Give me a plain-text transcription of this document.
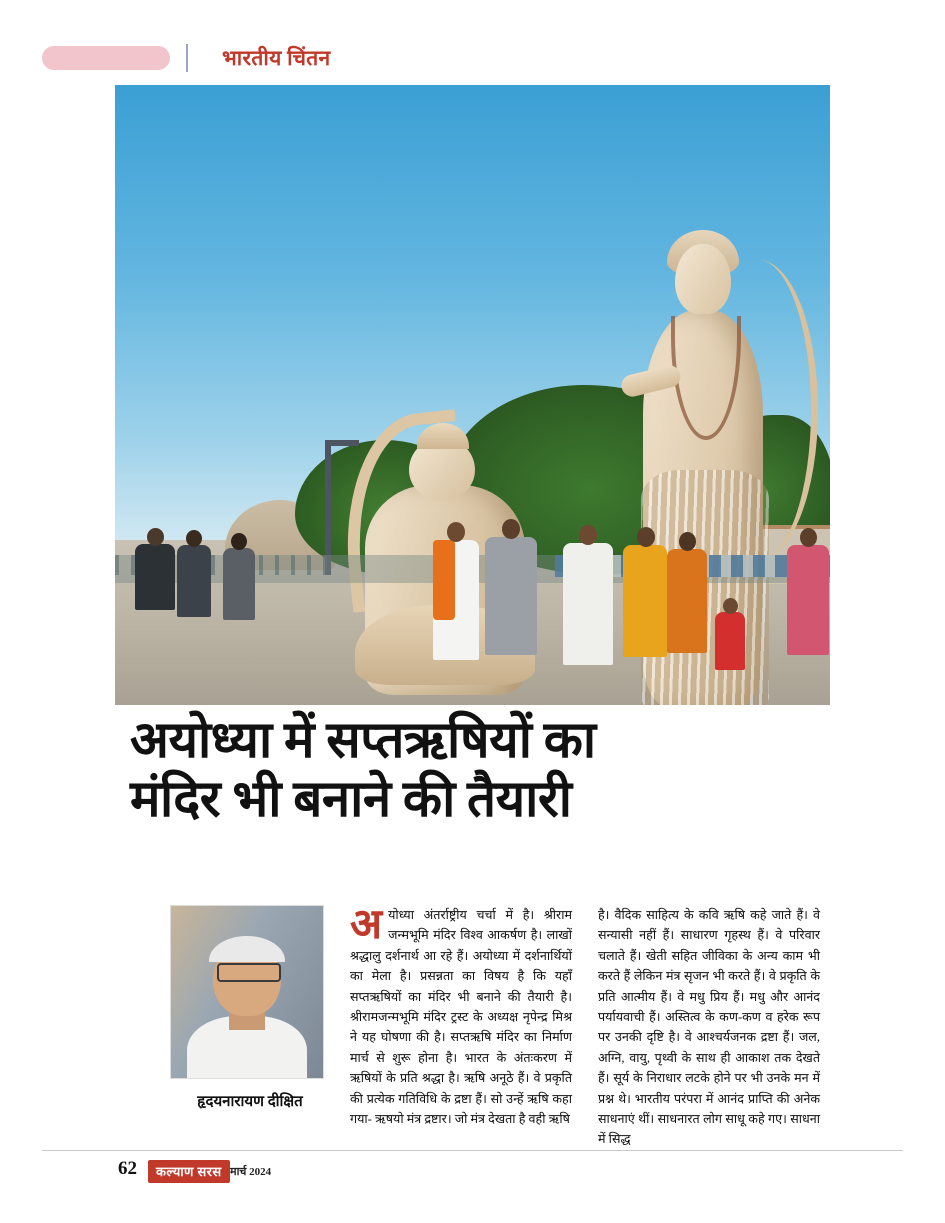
भारतीय चिंतन
अयोध्या में सप्तऋषियों का
मंदिर भी बनाने की तैयारी
हृदयनारायण दीक्षित
अयोध्या अंतर्राष्ट्रीय चर्चा में है। श्रीराम जन्मभूमि मंदिर विश्व आकर्षण है। लाखों श्रद्धालु दर्शनार्थ आ रहे हैं। अयोध्या में दर्शनार्थियों का मेला है। प्रसन्नता का विषय है कि यहाँ सप्तऋषियों का मंदिर भी बनाने की तैयारी है। श्रीरामजन्मभूमि मंदिर ट्रस्ट के अध्यक्ष नृपेन्द्र मिश्र ने यह घोषणा की है। सप्तऋषि मंदिर का निर्माण मार्च से शुरू होना है। भारत के अंतःकरण में ऋषियों के प्रति श्रद्धा है। ऋषि अनूठे हैं। वे प्रकृति की प्रत्येक गतिविधि के द्रष्टा हैं। सो उन्हें ऋषि कहा गया- ऋषयो मंत्र द्रष्टार। जो मंत्र देखता है वही ऋषि
है। वैदिक साहित्य के कवि ऋषि कहे जाते हैं। वे सन्यासी नहीं हैं। साधारण गृहस्थ हैं। वे परिवार चलाते हैं। खेती सहित जीविका के अन्य काम भी करते हैं लेकिन मंत्र सृजन भी करते हैं। वे प्रकृति के प्रति आत्मीय हैं। वे मधु प्रिय हैं। मधु और आनंद पर्यायवाची हैं। अस्तित्व के कण-कण व हरेक रूप पर उनकी दृष्टि है। वे आश्चर्यजनक द्रष्टा हैं। जल, अग्नि, वायु, पृथ्वी के साथ ही आकाश तक देखते हैं। सूर्य के निराधार लटके होने पर भी उनके मन में प्रश्न थे। भारतीय परंपरा में आनंद प्राप्ति की अनेक साधनाएं थीं। साधनारत लोग साधू कहे गए। साधना में सिद्ध
62	कल्याण सरस मार्च 2024
